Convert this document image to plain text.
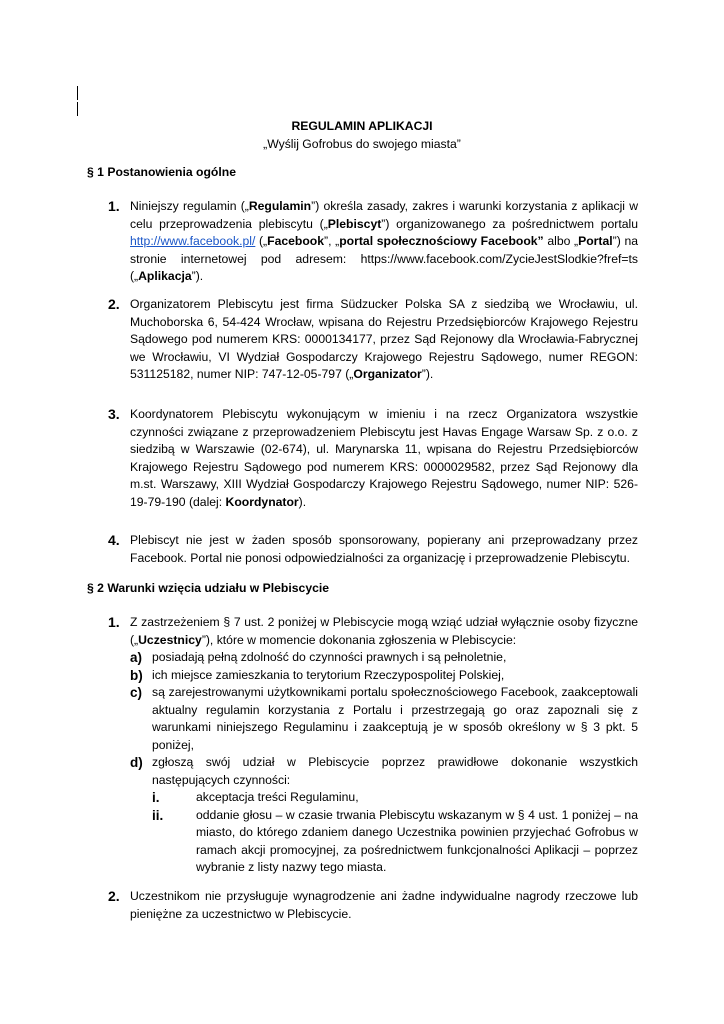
REGULAMIN APLIKACJI
„Wyślij Gofrobus do swojego miasta”
§ 1 Postanowienia ogólne
1. Niniejszy regulamin („Regulamin”) określa zasady, zakres i warunki korzystania z aplikacji w celu przeprowadzenia plebiscytu („Plebiscyt”) organizowanego za pośrednictwem portalu http://www.facebook.pl/ („Facebook”, „portal społecznościowy Facebook” albo „Portal”) na stronie internetowej pod adresem: https://www.facebook.com/ZycieJestSlodkie?fref=ts („Aplikacja”).
2. Organizatorem Plebiscytu jest firma Südzucker Polska SA z siedzibą we Wrocławiu, ul. Muchoborska 6, 54-424 Wrocław, wpisana do Rejestru Przedsiębiorców Krajowego Rejestru Sądowego pod numerem KRS: 0000134177, przez Sąd Rejonowy dla Wrocławia-Fabrycznej we Wrocławiu, VI Wydział Gospodarczy Krajowego Rejestru Sądowego, numer REGON: 531125182, numer NIP: 747-12-05-797 („Organizator”).
3. Koordynatorem Plebiscytu wykonującym w imieniu i na rzecz Organizatora wszystkie czynności związane z przeprowadzeniem Plebiscytu jest Havas Engage Warsaw Sp. z o.o. z siedzibą w Warszawie (02-674), ul. Marynarska 11, wpisana do Rejestru Przedsiębiorców Krajowego Rejestru Sądowego pod numerem KRS: 0000029582, przez Sąd Rejonowy dla m.st. Warszawy, XIII Wydział Gospodarczy Krajowego Rejestru Sądowego, numer NIP: 526-19-79-190 (dalej: Koordynator).
4. Plebiscyt nie jest w żaden sposób sponsorowany, popierany ani przeprowadzany przez Facebook. Portal nie ponosi odpowiedzialności za organizację i przeprowadzenie Plebiscytu.
§ 2 Warunki wzięcia udziału w Plebiscycie
1. Z zastrzeżeniem § 7 ust. 2 poniżej w Plebiscycie mogą wziąć udział wyłącznie osoby fizyczne („Uczestnicy”), które w momencie dokonania zgłoszenia w Plebiscycie:
a) posiadają pełną zdolność do czynności prawnych i są pełnoletnie,
b) ich miejsce zamieszkania to terytorium Rzeczypospolitej Polskiej,
c) są zarejestrowanymi użytkownikami portalu społecznościowego Facebook, zaakceptowali aktualny regulamin korzystania z Portalu i przestrzegają go oraz zapoznali się z warunkami niniejszego Regulaminu i zaakceptują je w sposób określony w § 3 pkt. 5 poniżej,
d) zgłoszą swój udział w Plebiscycie poprzez prawidłowe dokonanie wszystkich następujących czynności:
i.	akceptacja treści Regulaminu,
ii.	oddanie głosu – w czasie trwania Plebiscytu wskazanym w § 4 ust. 1 poniżej – na miasto, do którego zdaniem danego Uczestnika powinien przyjechać Gofrobus w ramach akcji promocyjnej, za pośrednictwem funkcjonalności Aplikacji – poprzez wybranie z listy nazwy tego miasta.
2. Uczestnikom nie przysługuje wynagrodzenie ani żadne indywidualne nagrody rzeczowe lub pieniężne za uczestnictwo w Plebiscycie.
